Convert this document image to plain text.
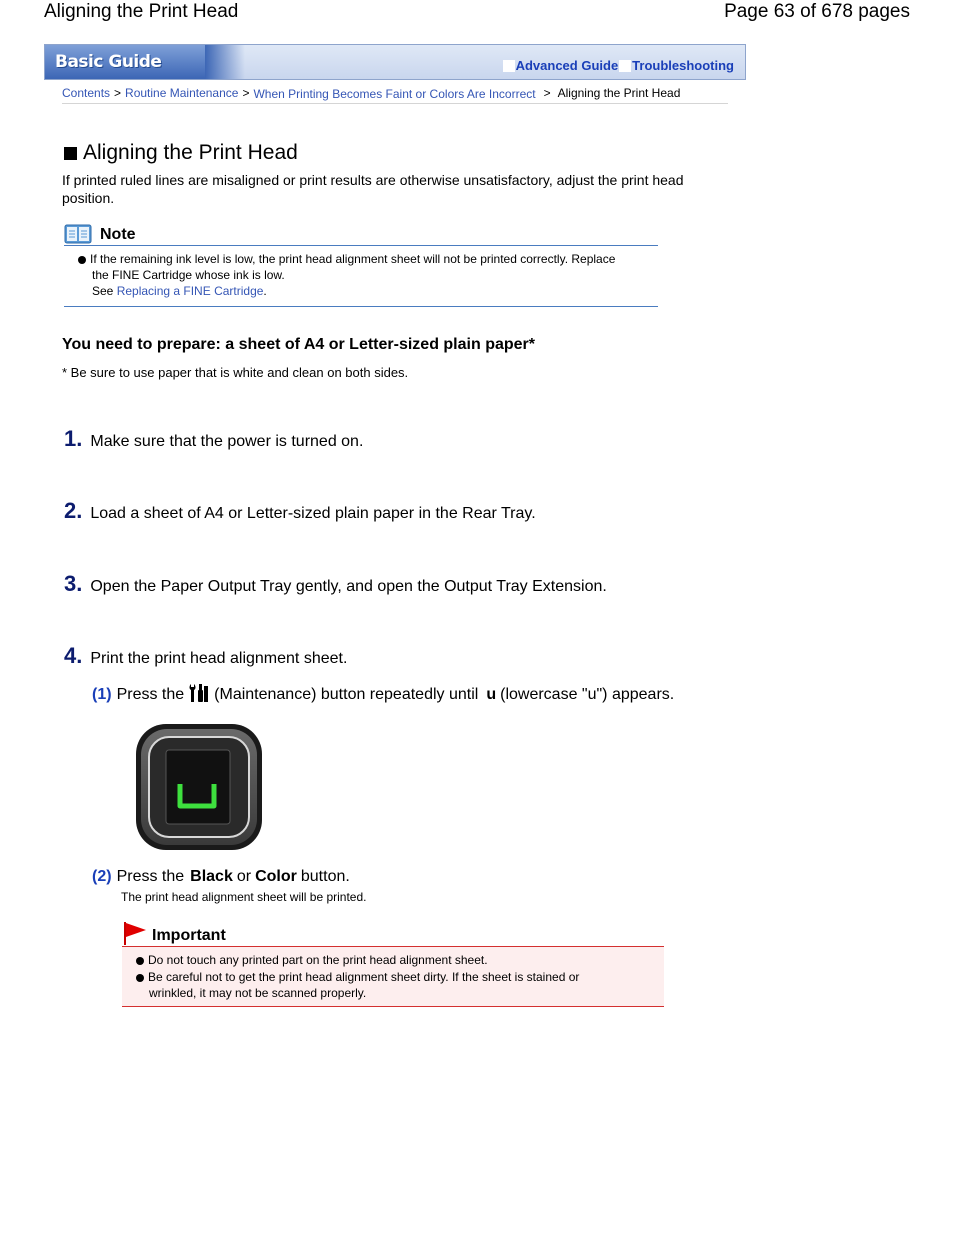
Aligning the Print Head	Page 63 of 678 pages
Basic Guide	Advanced Guide Troubleshooting
Contents > Routine Maintenance > When Printing Becomes Faint or Colors Are Incorrect > Aligning the Print Head
Aligning the Print Head
If printed ruled lines are misaligned or print results are otherwise unsatisfactory, adjust the print head position.
Note
If the remaining ink level is low, the print head alignment sheet will not be printed correctly. Replace
the FINE Cartridge whose ink is low.
See Replacing a FINE Cartridge.
You need to prepare: a sheet of A4 or Letter-sized plain paper*
* Be sure to use paper that is white and clean on both sides.
1. Make sure that the power is turned on.
2. Load a sheet of A4 or Letter-sized plain paper in the Rear Tray.
3. Open the Paper Output Tray gently, and open the Output Tray Extension.
4. Print the print head alignment sheet.
(1) Press the (Maintenance) button repeatedly until u (lowercase "u") appears.
(2) Press the Black or Color button.
The print head alignment sheet will be printed.
Important

Do not touch any printed part on the print head alignment sheet.

Be careful not to get the print head alignment sheet dirty. If the sheet is stained or

wrinkled, it may not be scanned properly.
